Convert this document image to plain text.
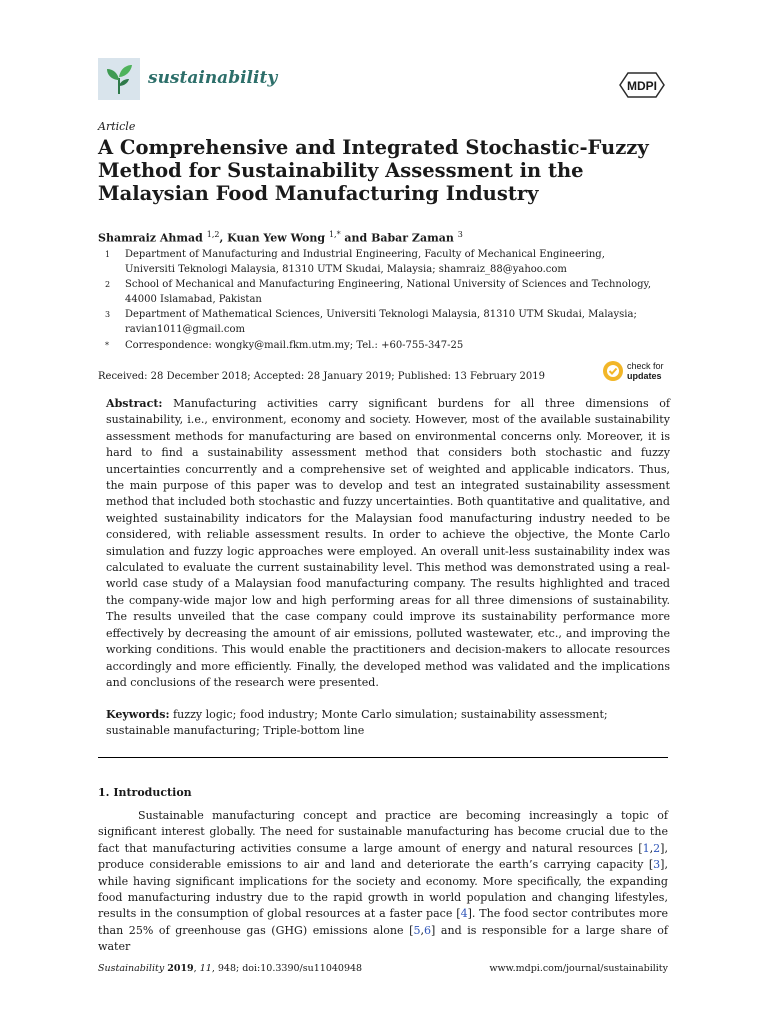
sustainability	MDPI
Article
A Comprehensive and Integrated Stochastic-Fuzzy Method for Sustainability Assessment in the Malaysian Food Manufacturing Industry
Shamraiz Ahmad $^{1,2}$, Kuan Yew Wong $^{1,*}$ and Babar Zaman $^3$
1 Department of Manufacturing and Industrial Engineering, Faculty of Mechanical Engineering,
Universiti Teknologi Malaysia, 81310 UTM Skudai, Malaysia; shamraiz_88@yahoo.com
2 School of Mechanical and Manufacturing Engineering, National University of Sciences and Technology,
44000 Islamabad, Pakistan
3 Department of Mathematical Sciences, Universiti Teknologi Malaysia, 81310 UTM Skudai, Malaysia;
ravian1011@gmail.com
* Correspondence: wongky@mail.fkm.utm.my; Tel.: +60-755-347-25
Received: 28 December 2018; Accepted: 28 January 2019; Published: 13 February 2019
check for
updates

Abstract: Manufacturing activities carry significant burdens for all three dimensions of sustainability, i.e., environment, economy and society. However, most of the available sustainability assessment methods for manufacturing are based on environmental concerns only. Moreover, it is hard to find a sustainability assessment method that considers both stochastic and fuzzy uncertainties concurrently and a comprehensive set of weighted and applicable indicators. Thus, the main purpose of this paper was to develop and test an integrated sustainability assessment method that included both stochastic and fuzzy uncertainties. Both quantitative and qualitative, and weighted sustainability indicators for the Malaysian food manufacturing industry needed to be considered, with reliable assessment results. In order to achieve the objective, the Monte Carlo simulation and fuzzy logic approaches were employed. An overall unit-less sustainability index was calculated to evaluate the current sustainability level. This method was demonstrated using a real-world case study of a Malaysian food manufacturing company. The results highlighted and traced the company-wide major low and high performing areas for all three dimensions of sustainability. The results unveiled that the case company could improve its sustainability performance more effectively by decreasing the amount of air emissions, polluted wastewater, etc., and improving the working conditions. This would enable the practitioners and decision-makers to allocate resources accordingly and more efficiently. Finally, the developed method was validated and the implications and conclusions of the research were presented.

Keywords: fuzzy logic; food industry; Monte Carlo simulation; sustainability assessment; sustainable manufacturing; Triple-bottom line

1. Introduction

Sustainable manufacturing concept and practice are becoming increasingly a topic of significant interest globally. The need for sustainable manufacturing has become crucial due to the fact that manufacturing activities consume a large amount of energy and natural resources [1,2], produce considerable emissions to air and land and deteriorate the earth’s carrying capacity [3], while having significant implications for the society and economy. More specifically, the expanding food manufacturing industry due to the rapid growth in world population and changing lifestyles, results in the consumption of global resources at a faster pace [4]. The food sector contributes more than 25% of greenhouse gas (GHG) emissions alone [5,6] and is responsible for a large share of water

Sustainability 2019, 11, 948; doi:10.3390/su11040948	www.mdpi.com/journal/sustainability
